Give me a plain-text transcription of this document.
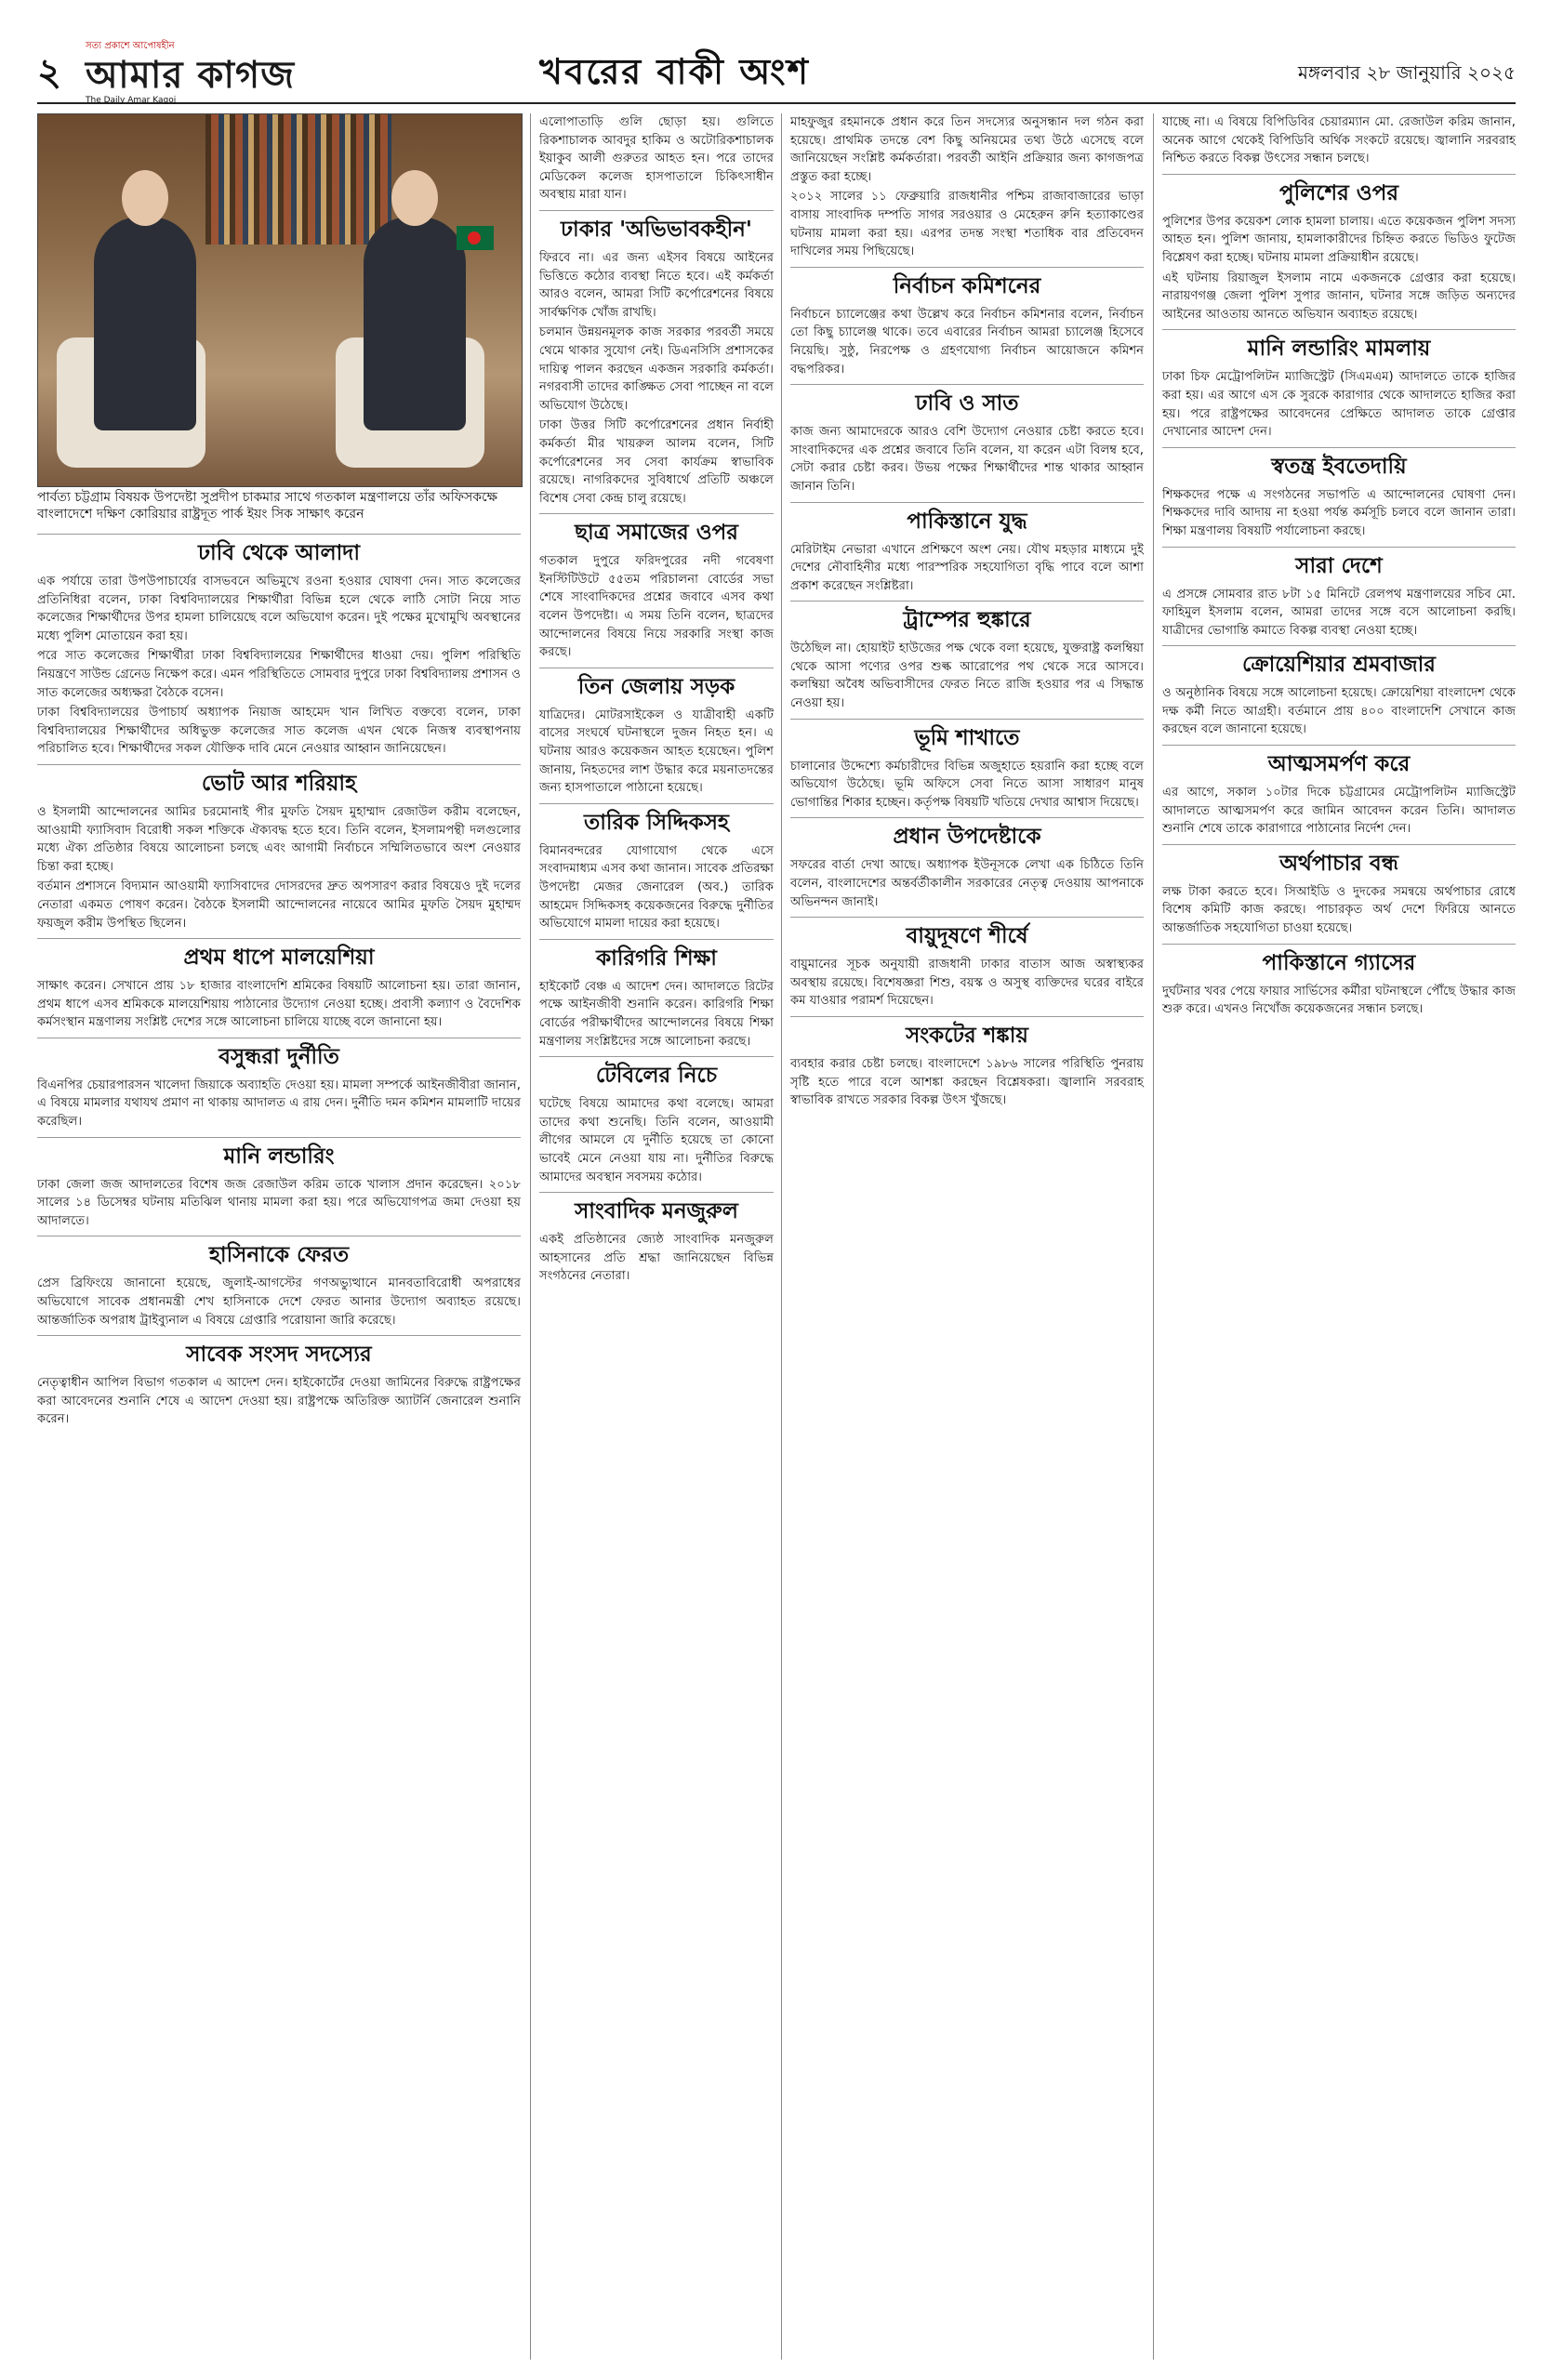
২
সত্য প্রকাশে আপোষহীন
আমার কাগজ
The Daily Amar Kagoj
খবরের বাকী অংশ	মঙ্গলবার ২৮ জানুয়ারি ২০২৫
পার্বত্য চট্টগ্রাম বিষয়ক উপদেষ্টা সুপ্রদীপ চাকমার সাথে গতকাল মন্ত্রণালয়ে তাঁর অফিসকক্ষে বাংলাদেশে দক্ষিণ কোরিয়ার রাষ্ট্রদূত পার্ক ইয়ং সিক সাক্ষাৎ করেন
ঢাবি থেকে আলাদা

এক পর্যায়ে তারা উপউপাচার্যের বাসভবনে অভিমুখে রওনা হওয়ার ঘোষণা দেন। সাত কলেজের প্রতিনিধিরা বলেন, ঢাকা বিশ্ববিদ্যালয়ের শিক্ষার্থীরা বিভিন্ন হলে থেকে লাঠি সোটা নিয়ে সাত কলেজের শিক্ষার্থীদের উপর হামলা চালিয়েছে বলে অভিযোগ করেন। দুই পক্ষের মুখোমুখি অবস্থানের মধ্যে পুলিশ মোতায়েন করা হয়।

পরে সাত কলেজের শিক্ষার্থীরা ঢাকা বিশ্ববিদ্যালয়ের শিক্ষার্থীদের ধাওয়া দেয়। পুলিশ পরিস্থিতি নিয়ন্ত্রণে সাউন্ড গ্রেনেড নিক্ষেপ করে। এমন পরিস্থিতিতে সোমবার দুপুরে ঢাকা বিশ্ববিদ্যালয় প্রশাসন ও সাত কলেজের অধ্যক্ষরা বৈঠকে বসেন।

ঢাকা বিশ্ববিদ্যালয়ের উপাচার্য অধ্যাপক নিয়াজ আহমেদ খান লিখিত বক্তব্যে বলেন, ঢাকা বিশ্ববিদ্যালয়ের শিক্ষার্থীদের অধিভুক্ত কলেজের সাত কলেজ এখন থেকে নিজস্ব ব্যবস্থাপনায় পরিচালিত হবে। শিক্ষার্থীদের সকল যৌক্তিক দাবি মেনে নেওয়ার আহ্বান জানিয়েছেন।

ভোট আর শরিয়াহ

ও ইসলামী আন্দোলনের আমির চরমোনাই পীর মুফতি সৈয়দ মুহাম্মাদ রেজাউল করীম বলেছেন, আওয়ামী ফ্যাসিবাদ বিরোধী সকল শক্তিকে ঐক্যবদ্ধ হতে হবে। তিনি বলেন, ইসলামপন্থী দলগুলোর মধ্যে ঐক্য প্রতিষ্ঠার বিষয়ে আলোচনা চলছে এবং আগামী নির্বাচনে সম্মিলিতভাবে অংশ নেওয়ার চিন্তা করা হচ্ছে।

বর্তমান প্রশাসনে বিদ্যমান আওয়ামী ফ্যাসিবাদের দোসরদের দ্রুত অপসারণ করার বিষয়েও দুই দলের নেতারা একমত পোষণ করেন। বৈঠকে ইসলামী আন্দোলনের নায়েবে আমির মুফতি সৈয়দ মুহাম্মদ ফয়জুল করীম উপস্থিত ছিলেন।

প্রথম ধাপে মালয়েশিয়া

সাক্ষাৎ করেন। সেখানে প্রায় ১৮ হাজার বাংলাদেশি শ্রমিকের বিষয়টি আলোচনা হয়। তারা জানান, প্রথম ধাপে এসব শ্রমিককে মালয়েশিয়ায় পাঠানোর উদ্যোগ নেওয়া হচ্ছে। প্রবাসী কল্যাণ ও বৈদেশিক কর্মসংস্থান মন্ত্রণালয় সংশ্লিষ্ট দেশের সঙ্গে আলোচনা চালিয়ে যাচ্ছে বলে জানানো হয়।

বসুন্ধরা দুর্নীতি

বিএনপির চেয়ারপারসন খালেদা জিয়াকে অব্যাহতি দেওয়া হয়। মামলা সম্পর্কে আইনজীবীরা জানান, এ বিষয়ে মামলার যথাযথ প্রমাণ না থাকায় আদালত এ রায় দেন। দুর্নীতি দমন কমিশন মামলাটি দায়ের করেছিল।

মানি লন্ডারিং

ঢাকা জেলা জজ আদালতের বিশেষ জজ রেজাউল করিম তাকে খালাস প্রদান করেছেন। ২০১৮ সালের ১৪ ডিসেম্বর ঘটনায় মতিঝিল থানায় মামলা করা হয়। পরে অভিযোগপত্র জমা দেওয়া হয় আদালতে।

হাসিনাকে ফেরত

প্রেস ব্রিফিংয়ে জানানো হয়েছে, জুলাই-আগস্টের গণঅভ্যুত্থানে মানবতাবিরোধী অপরাধের অভিযোগে সাবেক প্রধানমন্ত্রী শেখ হাসিনাকে দেশে ফেরত আনার উদ্যোগ অব্যাহত রয়েছে। আন্তর্জাতিক অপরাধ ট্রাইব্যুনাল এ বিষয়ে গ্রেপ্তারি পরোয়ানা জারি করেছে।

সাবেক সংসদ সদস্যের

নেতৃত্বাধীন আপিল বিভাগ গতকাল এ আদেশ দেন। হাইকোর্টের দেওয়া জামিনের বিরুদ্ধে রাষ্ট্রপক্ষের করা আবেদনের শুনানি শেষে এ আদেশ দেওয়া হয়। রাষ্ট্রপক্ষে অতিরিক্ত অ্যাটর্নি জেনারেল শুনানি করেন।

এলোপাতাড়ি গুলি ছোড়া হয়। গুলিতে রিকশাচালক আবদুর হাকিম ও অটোরিকশাচালক ইয়াকুব আলী গুরুতর আহত হন। পরে তাদের মেডিকেল কলেজ হাসপাতালে চিকিৎসাধীন অবস্থায় মারা যান।

ঢাকার 'অভিভাবকহীন'

ফিরবে না। এর জন্য এইসব বিষয়ে আইনের ভিত্তিতে কঠোর ব্যবস্থা নিতে হবে। এই কর্মকর্তা আরও বলেন, আমরা সিটি কর্পোরেশনের বিষয়ে সার্বক্ষণিক খোঁজ রাখছি।

চলমান উন্নয়নমূলক কাজ সরকার পরবর্তী সময়ে থেমে থাকার সুযোগ নেই। ডিএনসিসি প্রশাসকের দায়িত্ব পালন করছেন একজন সরকারি কর্মকর্তা। নগরবাসী তাদের কাঙ্ক্ষিত সেবা পাচ্ছেন না বলে অভিযোগ উঠেছে।

ঢাকা উত্তর সিটি কর্পোরেশনের প্রধান নির্বাহী কর্মকর্তা মীর খায়রুল আলম বলেন, সিটি কর্পোরেশনের সব সেবা কার্যক্রম স্বাভাবিক রয়েছে। নাগরিকদের সুবিধার্থে প্রতিটি অঞ্চলে বিশেষ সেবা কেন্দ্র চালু রয়েছে।

ছাত্র সমাজের ওপর

গতকাল দুপুরে ফরিদপুরের নদী গবেষণা ইনস্টিটিউটে ৫৫তম পরিচালনা বোর্ডের সভা শেষে সাংবাদিকদের প্রশ্নের জবাবে এসব কথা বলেন উপদেষ্টা। এ সময় তিনি বলেন, ছাত্রদের আন্দোলনের বিষয়ে নিয়ে সরকারি সংস্থা কাজ করছে।

তিন জেলায় সড়ক

যাত্রিদের। মোটরসাইকেল ও যাত্রীবাহী একটি বাসের সংঘর্ষে ঘটনাস্থলে দুজন নিহত হন। এ ঘটনায় আরও কয়েকজন আহত হয়েছেন। পুলিশ জানায়, নিহতদের লাশ উদ্ধার করে ময়নাতদন্তের জন্য হাসপাতালে পাঠানো হয়েছে।

তারিক সিদ্দিকসহ

বিমানবন্দরের যোগাযোগ থেকে এসে সংবাদমাধ্যম এসব কথা জানান। সাবেক প্রতিরক্ষা উপদেষ্টা মেজর জেনারেল (অব.) তারিক আহমেদ সিদ্দিকসহ কয়েকজনের বিরুদ্ধে দুর্নীতির অভিযোগে মামলা দায়ের করা হয়েছে।

কারিগরি শিক্ষা

হাইকোর্ট বেঞ্চ এ আদেশ দেন। আদালতে রিটের পক্ষে আইনজীবী শুনানি করেন। কারিগরি শিক্ষা বোর্ডের পরীক্ষার্থীদের আন্দোলনের বিষয়ে শিক্ষা মন্ত্রণালয় সংশ্লিষ্টদের সঙ্গে আলোচনা করছে।

টেবিলের নিচে

ঘটেছে বিষয়ে আমাদের কথা বলেছে। আমরা তাদের কথা শুনেছি। তিনি বলেন, আওয়ামী লীগের আমলে যে দুর্নীতি হয়েছে তা কোনো ভাবেই মেনে নেওয়া যায় না। দুর্নীতির বিরুদ্ধে আমাদের অবস্থান সবসময় কঠোর।

সাংবাদিক মনজুরুল

একই প্রতিষ্ঠানের জ্যেষ্ঠ সাংবাদিক মনজুরুল আহসানের প্রতি শ্রদ্ধা জানিয়েছেন বিভিন্ন সংগঠনের নেতারা।

মাহফুজুর রহমানকে প্রধান করে তিন সদস্যের অনুসন্ধান দল গঠন করা হয়েছে। প্রাথমিক তদন্তে বেশ কিছু অনিয়মের তথ্য উঠে এসেছে বলে জানিয়েছেন সংশ্লিষ্ট কর্মকর্তারা। পরবর্তী আইনি প্রক্রিয়ার জন্য কাগজপত্র প্রস্তুত করা হচ্ছে।

২০১২ সালের ১১ ফেব্রুয়ারি রাজধানীর পশ্চিম রাজাবাজারের ভাড়া বাসায় সাংবাদিক দম্পতি সাগর সরওয়ার ও মেহেরুন রুনি হত্যাকাণ্ডের ঘটনায় মামলা করা হয়। এরপর তদন্ত সংস্থা শতাধিক বার প্রতিবেদন দাখিলের সময় পিছিয়েছে।

নির্বাচন কমিশনের

নির্বাচনে চ্যালেঞ্জের কথা উল্লেখ করে নির্বাচন কমিশনার বলেন, নির্বাচন তো কিছু চ্যালেঞ্জ থাকে। তবে এবারের নির্বাচন আমরা চ্যালেঞ্জ হিসেবে নিয়েছি। সুষ্ঠু, নিরপেক্ষ ও গ্রহণযোগ্য নির্বাচন আয়োজনে কমিশন বদ্ধপরিকর।

ঢাবি ও সাত

কাজ জন্য আমাদেরকে আরও বেশি উদ্যোগ নেওয়ার চেষ্টা করতে হবে। সাংবাদিকদের এক প্রশ্নের জবাবে তিনি বলেন, যা করেন এটা বিলম্ব হবে, সেটা করার চেষ্টা করব। উভয় পক্ষের শিক্ষার্থীদের শান্ত থাকার আহ্বান জানান তিনি।

পাকিস্তানে যুদ্ধ

মেরিটাইম নেভারা এখানে প্রশিক্ষণে অংশ নেয়। যৌথ মহড়ার মাধ্যমে দুই দেশের নৌবাহিনীর মধ্যে পারস্পরিক সহযোগিতা বৃদ্ধি পাবে বলে আশা প্রকাশ করেছেন সংশ্লিষ্টরা।

ট্রাম্পের হুঙ্কারে

উঠেছিল না। হোয়াইট হাউজের পক্ষ থেকে বলা হয়েছে, যুক্তরাষ্ট্র কলম্বিয়া থেকে আসা পণ্যের ওপর শুল্ক আরোপের পথ থেকে সরে আসবে। কলম্বিয়া অবৈধ অভিবাসীদের ফেরত নিতে রাজি হওয়ার পর এ সিদ্ধান্ত নেওয়া হয়।

ভূমি শাখাতে

চালানোর উদ্দেশ্যে কর্মচারীদের বিভিন্ন অজুহাতে হয়রানি করা হচ্ছে বলে অভিযোগ উঠেছে। ভূমি অফিসে সেবা নিতে আসা সাধারণ মানুষ ভোগান্তির শিকার হচ্ছেন। কর্তৃপক্ষ বিষয়টি খতিয়ে দেখার আশ্বাস দিয়েছে।

প্রধান উপদেষ্টাকে

সফরের বার্তা দেখা আছে। অধ্যাপক ইউনূসকে লেখা এক চিঠিতে তিনি বলেন, বাংলাদেশের অন্তর্বর্তীকালীন সরকারের নেতৃত্ব দেওয়ায় আপনাকে অভিনন্দন জানাই।

বায়ুদূষণে শীর্ষে

বায়ুমানের সূচক অনুযায়ী রাজধানী ঢাকার বাতাস আজ অস্বাস্থ্যকর অবস্থায় রয়েছে। বিশেষজ্ঞরা শিশু, বয়স্ক ও অসুস্থ ব্যক্তিদের ঘরের বাইরে কম যাওয়ার পরামর্শ দিয়েছেন।

সংকটের শঙ্কায়

ব্যবহার করার চেষ্টা চলছে। বাংলাদেশে ১৯৮৬ সালের পরিস্থিতি পুনরায় সৃষ্টি হতে পারে বলে আশঙ্কা করছেন বিশ্লেষকরা। জ্বালানি সরবরাহ স্বাভাবিক রাখতে সরকার বিকল্প উৎস খুঁজছে।

যাচ্ছে না। এ বিষয়ে বিপিডিবির চেয়ারম্যান মো. রেজাউল করিম জানান, অনেক আগে থেকেই বিপিডিবি অর্থিক সংকটে রয়েছে। জ্বালানি সরবরাহ নিশ্চিত করতে বিকল্প উৎসের সন্ধান চলছে।

পুলিশের ওপর

পুলিশের উপর কয়েকশ লোক হামলা চালায়। এতে কয়েকজন পুলিশ সদস্য আহত হন। পুলিশ জানায়, হামলাকারীদের চিহ্নিত করতে ভিডিও ফুটেজ বিশ্লেষণ করা হচ্ছে। ঘটনায় মামলা প্রক্রিয়াধীন রয়েছে।

এই ঘটনায় রিয়াজুল ইসলাম নামে একজনকে গ্রেপ্তার করা হয়েছে। নারায়ণগঞ্জ জেলা পুলিশ সুপার জানান, ঘটনার সঙ্গে জড়িত অন্যদের আইনের আওতায় আনতে অভিযান অব্যাহত রয়েছে।

মানি লন্ডারিং মামলায়

ঢাকা চিফ মেট্রোপলিটন ম্যাজিস্ট্রেট (সিএমএম) আদালতে তাকে হাজির করা হয়। এর আগে এস কে সুরকে কারাগার থেকে আদালতে হাজির করা হয়। পরে রাষ্ট্রপক্ষের আবেদনের প্রেক্ষিতে আদালত তাকে গ্রেপ্তার দেখানোর আদেশ দেন।

স্বতন্ত্র ইবতেদায়ি

শিক্ষকদের পক্ষে এ সংগঠনের সভাপতি এ আন্দোলনের ঘোষণা দেন। শিক্ষকদের দাবি আদায় না হওয়া পর্যন্ত কর্মসূচি চলবে বলে জানান তারা। শিক্ষা মন্ত্রণালয় বিষয়টি পর্যালোচনা করছে।

সারা দেশে

এ প্রসঙ্গে সোমবার রাত ৮টা ১৫ মিনিটে রেলপথ মন্ত্রণালয়ের সচিব মো. ফাহিমুল ইসলাম বলেন, আমরা তাদের সঙ্গে বসে আলোচনা করছি। যাত্রীদের ভোগান্তি কমাতে বিকল্প ব্যবস্থা নেওয়া হচ্ছে।

ক্রোয়েশিয়ার শ্রমবাজার

ও অনুষ্ঠানিক বিষয়ে সঙ্গে আলোচনা হয়েছে। ক্রোয়েশিয়া বাংলাদেশ থেকে দক্ষ কর্মী নিতে আগ্রহী। বর্তমানে প্রায় ৪০০ বাংলাদেশি সেখানে কাজ করছেন বলে জানানো হয়েছে।

আত্মসমর্পণ করে

এর আগে, সকাল ১০টার দিকে চট্টগ্রামের মেট্রোপলিটন ম্যাজিস্ট্রেট আদালতে আত্মসমর্পণ করে জামিন আবেদন করেন তিনি। আদালত শুনানি শেষে তাকে কারাগারে পাঠানোর নির্দেশ দেন।

অর্থপাচার বন্ধ

লক্ষ টাকা করতে হবে। সিআইডি ও দুদকের সমন্বয়ে অর্থপাচার রোধে বিশেষ কমিটি কাজ করছে। পাচারকৃত অর্থ দেশে ফিরিয়ে আনতে আন্তর্জাতিক সহযোগিতা চাওয়া হয়েছে।

পাকিস্তানে গ্যাসের

দুর্ঘটনার খবর পেয়ে ফায়ার সার্ভিসের কর্মীরা ঘটনাস্থলে পৌঁছে উদ্ধার কাজ শুরু করে। এখনও নিখোঁজ কয়েকজনের সন্ধান চলছে।
